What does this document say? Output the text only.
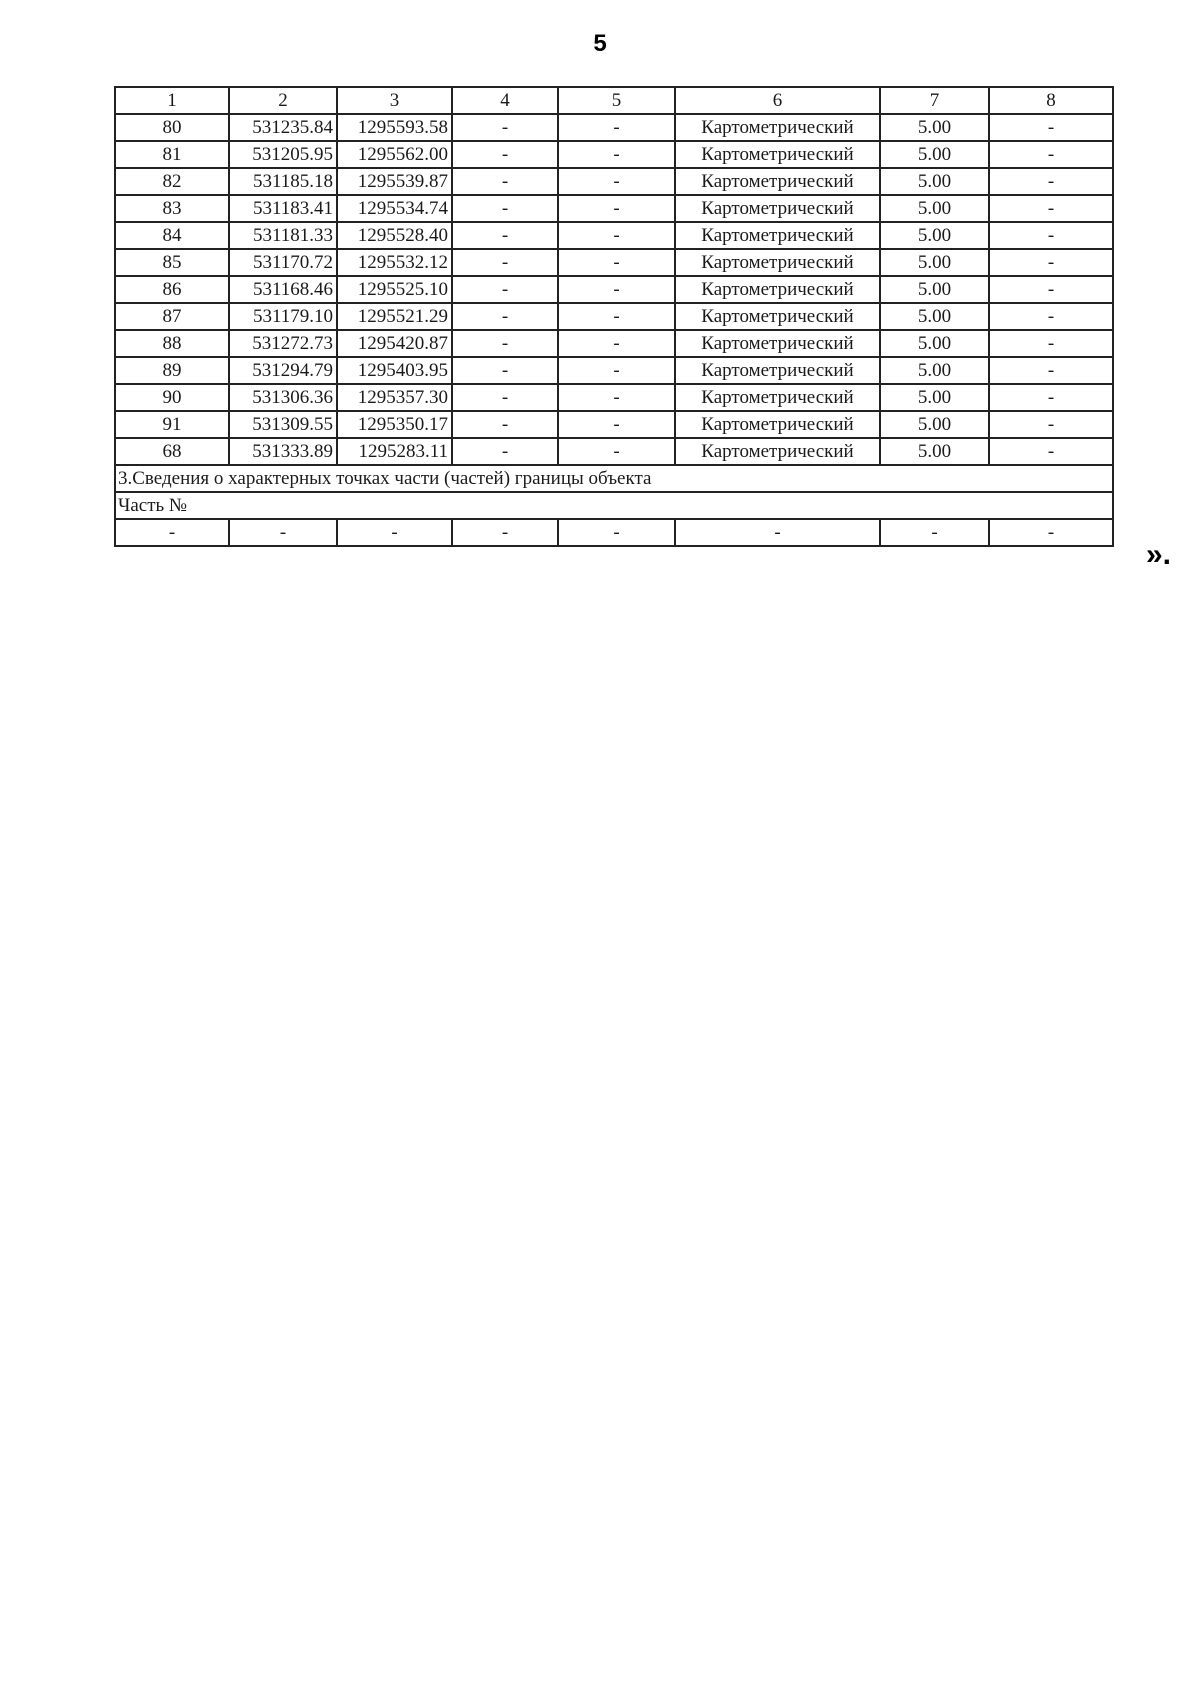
5
1	2	3	4	5	6	7	8
80	531235.84	1295593.58	-	-	Картометрический	5.00	-
81	531205.95	1295562.00	-	-	Картометрический	5.00	-
82	531185.18	1295539.87	-	-	Картометрический	5.00	-
83	531183.41	1295534.74	-	-	Картометрический	5.00	-
84	531181.33	1295528.40	-	-	Картометрический	5.00	-
85	531170.72	1295532.12	-	-	Картометрический	5.00	-
86	531168.46	1295525.10	-	-	Картометрический	5.00	-
87	531179.10	1295521.29	-	-	Картометрический	5.00	-
88	531272.73	1295420.87	-	-	Картометрический	5.00	-
89	531294.79	1295403.95	-	-	Картометрический	5.00	-
90	531306.36	1295357.30	-	-	Картометрический	5.00	-
91	531309.55	1295350.17	-	-	Картометрический	5.00	-
68	531333.89	1295283.11	-	-	Картометрический	5.00	-
3.Сведения о характерных точках части (частей) границы объекта							
Часть №							
-	-	-	-	-	-	-	-
».
